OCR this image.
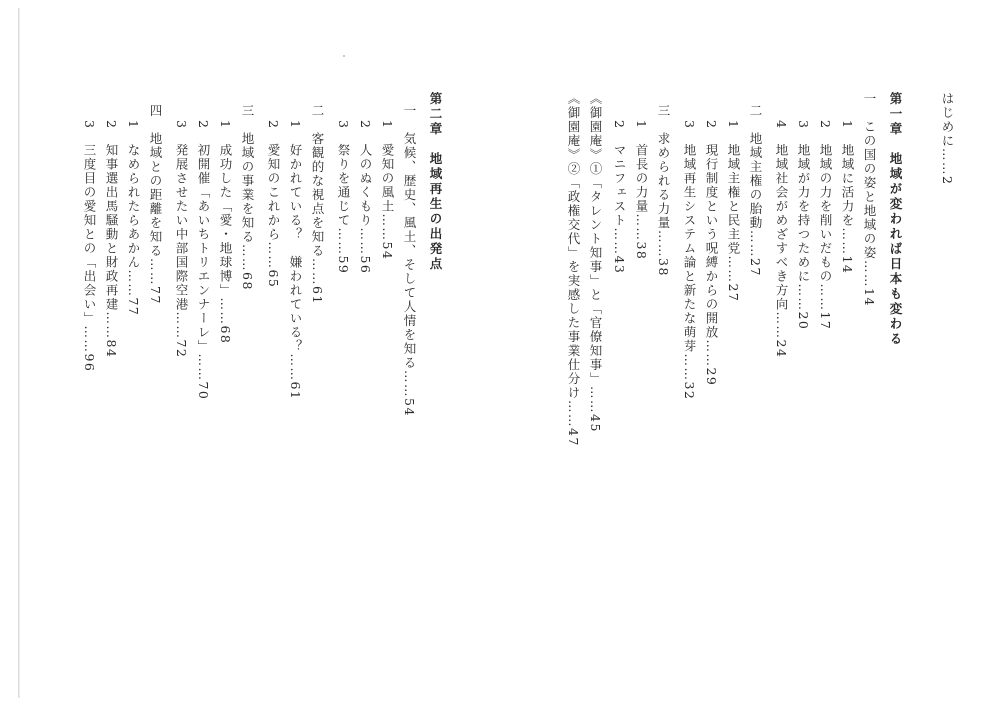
はじめに……2
第一章　地域が変われば日本も変わる
一　この国の姿と地域の姿……14
1　地域に活力を……14
2　地域の力を削いだもの……17
3　地域が力を持つために……20
4　地域社会がめざすべき方向……24
二　地域主権の胎動……27
1　地域主権と民主党……27
2　現行制度という呪縛からの開放……29
3　地域再生システム論と新たな萌芽……32
三　求められる力量……38
1　首長の力量……38
2　マニフェスト……43
《御園庵》①「タレント知事」と「官僚知事」……45
《御園庵》②「政権交代」を実感した事業仕分け……47
第二章　地域再生の出発点
一　気候、歴史、風土、そして人情を知る……54
1　愛知の風土……54
2　人のぬくもり……56
3　祭りを通じて……59
二　客観的な視点を知る……61
1　好かれている？　嫌われている？……61
2　愛知のこれから……65
三　地域の事業を知る……68
1　成功した「愛・地球博」……68
2　初開催「あいちトリエンナーレ」……70
3　発展させたい中部国際空港……72
四　地域との距離を知る……77
1　なめられたらあかん……77
2　知事選出馬騒動と財政再建……84
3　三度目の愛知との「出会い」……96
